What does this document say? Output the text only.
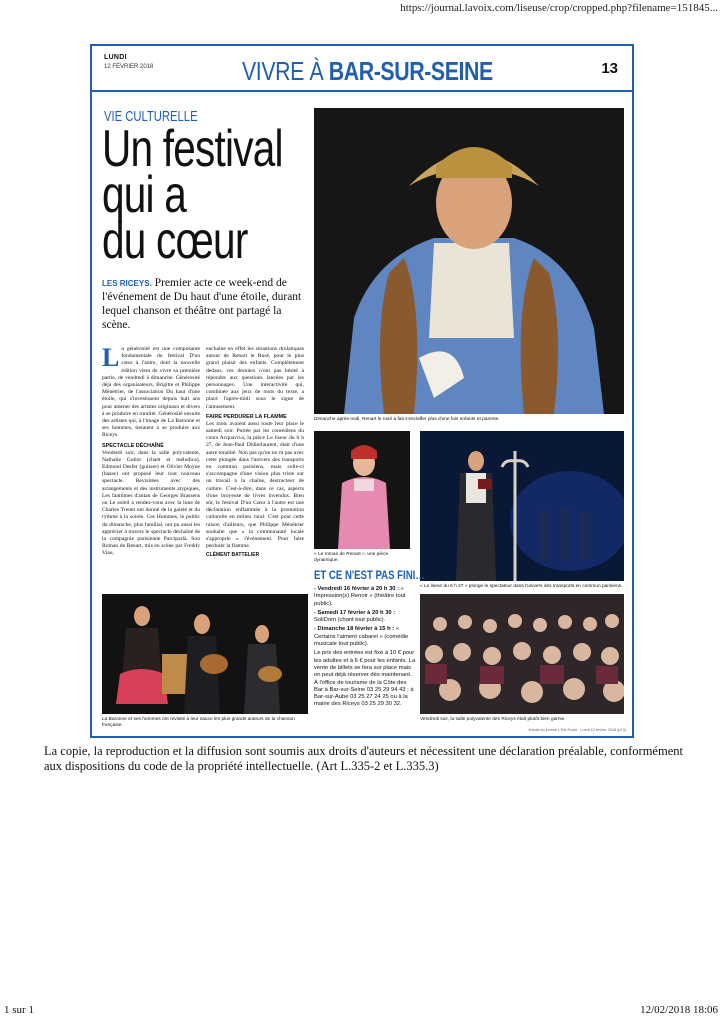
https://journal.lavoix.com/liseuse/crop/cropped.php?filename=151845...
LUNDI
12 FÉVRIER 2018	VIVRE À BAR-SUR-SEINE	13
VIE CULTURELLE
Un festival
qui a
du cœur
LES RICEYS. Premier acte ce week-end de l'événement de Du haut d'une étoile, durant lequel chanson et théâtre ont partagé la scène.

La générosité est une composante fondamentale du festival D'un cœur à l'autre, dont la nouvelle édition vient de vivre sa première partie, de vendredi à dimanche. Générosité déjà des organisateurs, Brigitte et Philippe Ménétrier, de l'association Du haut d'une étoile, qui s'investissent depuis huit ans pour amener des artistes originaux et divers à se produire en ruralité. Générosité ensuite des artistes qui, à l'image de La Baronne et ses hommes, tiennent à se produire aux Riceys.

SPECTACLE DÉCHAÎNÉ

Vendredi soir, dans la salle polyvalente, Nathalie Goliot (chant et mélodica), Edmond Desfer (guitare) et Olivier Moyne (basse) ont proposé leur tout nouveau spectacle. Revisitées avec des arrangements et des instruments atypiques, Les fantômes d'antan de Georges Brassens ou Le soleil a rendez-vous avec la lune de Charles Trenet ont donné de la gaieté et du rythme à la soirée. Ces Hommes, le public du dimanche, plus familial, ont pu aussi les apprécier à travers le spectacle déchaîné de la compagnie parisienne Parciparlà. Son Roman de Renart, mis en scène par Freddy Viau,

enchaîne en effet les situations drolatiques autour de Renart le Rusé, pour le plus grand plaisir des enfants. Complètement dedans, ces derniers n'ont pas hésité à répondre aux questions lancées par les personnages. Une interactivité qui, combinée aux jeux de mots du texte, a placé l'après-midi sous le signe de l'amusement.

FAIRE PERDURER LA FLAMME

Les mots avaient aussi toute leur place le samedi soir. Portée par les comédiens du cours Acquaviva, la pièce Le liseur du 6 h 27, de Jean-Paul Didierlaurent, était d'une autre tonalité. Non pas qu'on ne rit pas avec cette plongée dans l'univers des transports en commun parisiens, mais celle-ci s'accompagne d'une vision plus triste sur un travail à la chaîne, destructeur de culture. C'est-à-dire, dans ce cas, aspects d'une broyeuse de livres invendus. Bien sûr, le festival D'un Cœur à l'autre est une déclaration enflammée à la promotion culturelle en milieu rural. C'est pour cette raison d'ailleurs, que Philippe Ménétrier souhaite que « la communauté locale s'approprie » l'événement. Pour faire perdurer la flamme.

CLÉMENT BATTELIER
Dimanche après-midi, Renart le rusé a fait s'esclaffer plus d'une fois enfants et parents.
« Le roman de Renart », une pièce dynamique.
« Le liseur du 6 h 27 » plonge le spectateur dans l'univers des transports en commun parisiens.
ET CE N'EST PAS FINI…

- Vendredi 16 février à 20 h 30 : « Impression(s) Renoir » (théâtre tout public).

- Samedi 17 février à 20 h 30 : SoliDom (chant tout public).

- Dimanche 18 février à 15 h : « Certains l'aiment cabaret » (comédie musicale tout public).

Le prix des entrées est fixé à 10 € pour les adultes et à 6 € pour les enfants. La vente de billets se fera sur place mais on peut déjà réserver dès maintenant. À l'office de tourisme de la Côte des Bar à Bar-sur-Seine 03 25 29 94 43 ; à Bar-sur-Aube 03 25 27 24 25 ou à la mairie des Riceys 03 25 29 30 32.

La Baronne et ses hommes ont revisité à leur sauce les plus grands auteurs de la chanson française.
Vendredi soir, la salle polyvalente des Riceys était plutôt bien garnie.
Extrait du journal L'Est Éclair · Lundi 12 février 2018 (p13)
La copie, la reproduction et la diffusion sont soumis aux droits d'auteurs et nécessitent une déclaration préalable, conformément aux dispositions du code de la propriété intellectuelle. (Art L.335-2 et L.335.3)
1 sur 1	12/02/2018 18:06
